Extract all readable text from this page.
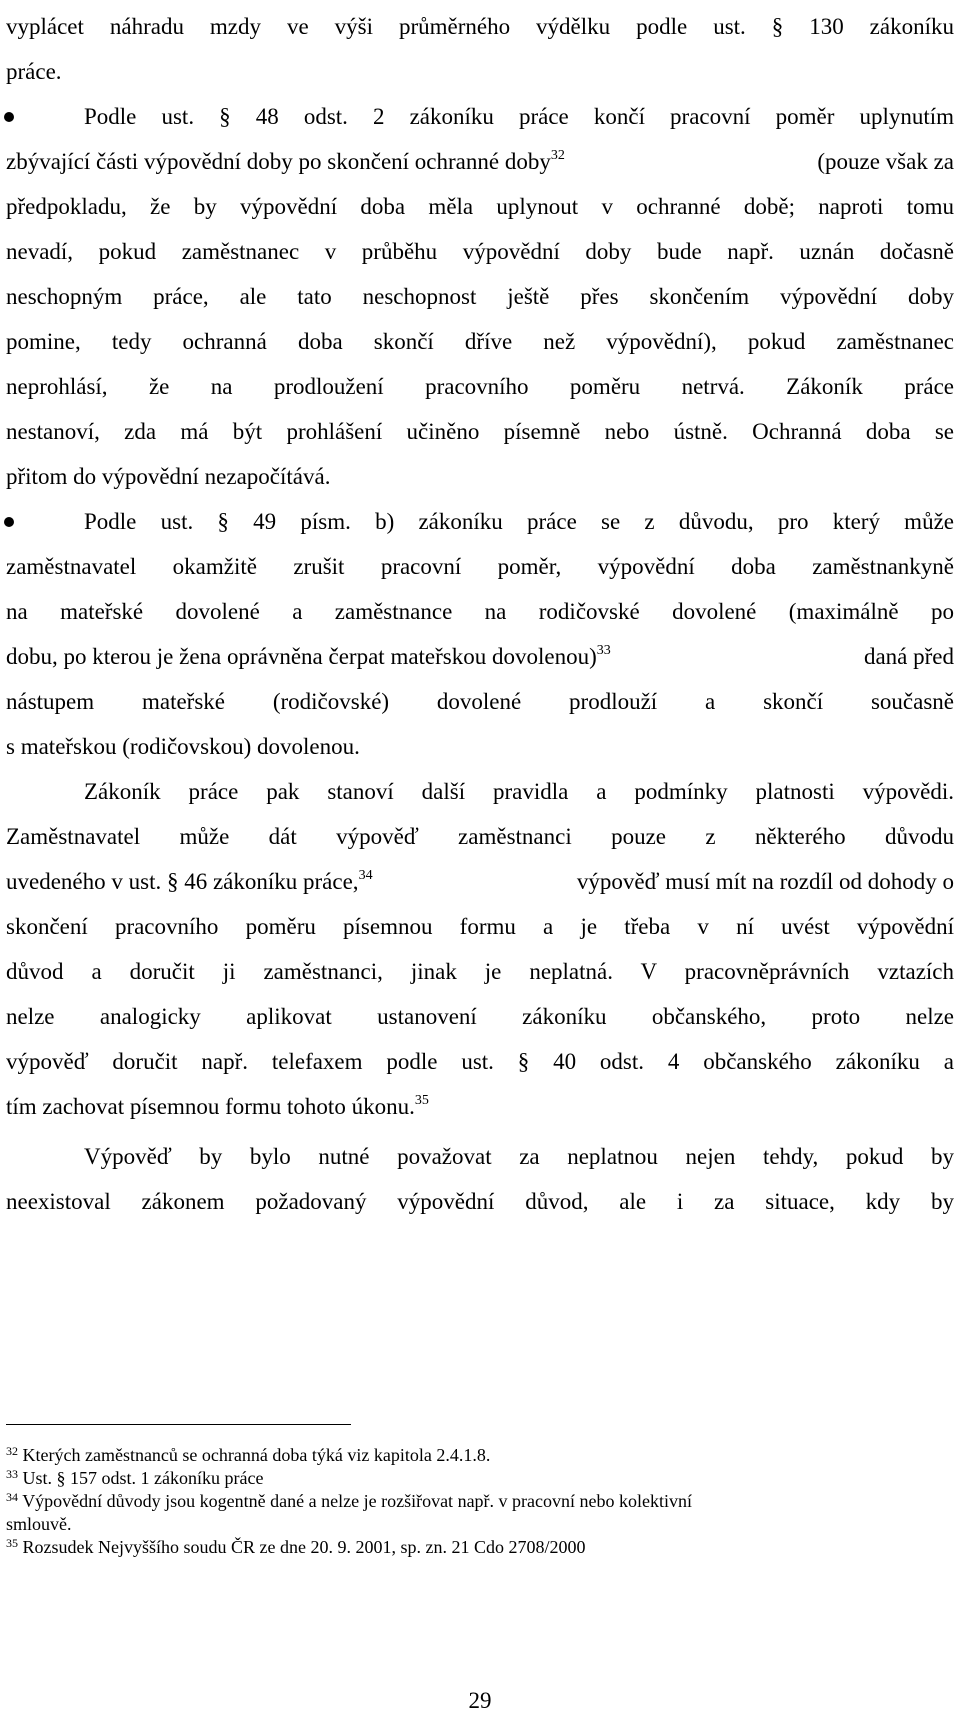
vyplácet náhradu mzdy ve výši průměrného výdělku podle ust. § 130 zákoníku
práce.
Podle ust. § 48 odst. 2 zákoníku práce končí pracovní poměr uplynutím
zbývající části výpovědní doby po skončení ochranné doby$^{32}$	(pouze však za
předpokladu, že by výpovědní doba měla uplynout v ochranné době; naproti tomu
nevadí, pokud zaměstnanec v průběhu výpovědní doby bude např. uznán dočasně
neschopným práce, ale tato neschopnost ještě přes skončením výpovědní doby
pomine, tedy ochranná doba skončí dříve než výpovědní), pokud zaměstnanec
neprohlásí, že na prodloužení pracovního poměru netrvá. Zákoník práce
nestanoví, zda má být prohlášení učiněno písemně nebo ústně. Ochranná doba se
přitom do výpovědní nezapočítává.
Podle ust. § 49 písm. b) zákoníku práce se z důvodu, pro který může
zaměstnavatel okamžitě zrušit pracovní poměr, výpovědní doba zaměstnankyně
na mateřské dovolené a zaměstnance na rodičovské dovolené (maximálně po
dobu, po kterou je žena oprávněna čerpat mateřskou dovolenou)$^{33}$	daná před
nástupem mateřské (rodičovské) dovolené prodlouží a skončí současně
s mateřskou (rodičovskou) dovolenou.
Zákoník práce pak stanoví další pravidla a podmínky platnosti výpovědi.
Zaměstnavatel může dát výpověď zaměstnanci pouze z některého důvodu
uvedeného v ust. § 46 zákoníku práce,$^{34}$	výpověď musí mít na rozdíl od dohody o
skončení pracovního poměru písemnou formu a je třeba v ní uvést výpovědní
důvod a doručit ji zaměstnanci, jinak je neplatná. V pracovněprávních vztazích
nelze analogicky aplikovat ustanovení zákoníku občanského, proto nelze
výpověď doručit např. telefaxem podle ust. § 40 odst. 4 občanského zákoníku a
tím zachovat písemnou formu tohoto úkonu.$^{35}$
Výpověď by bylo nutné považovat za neplatnou nejen tehdy, pokud by
neexistoval zákonem požadovaný výpovědní důvod, ale i za situace, kdy by
$^{32}$ Kterých zaměstnanců se ochranná doba týká viz kapitola 2.4.1.8.
$^{33}$ Ust. § 157 odst. 1 zákoníku práce
$^{34}$ Výpovědní důvody jsou kogentně dané a nelze je rozšiřovat např. v pracovní nebo kolektivní
smlouvě.
$^{35}$ Rozsudek Nejvyššího soudu ČR ze dne 20. 9. 2001, sp. zn. 21 Cdo 2708/2000
29
